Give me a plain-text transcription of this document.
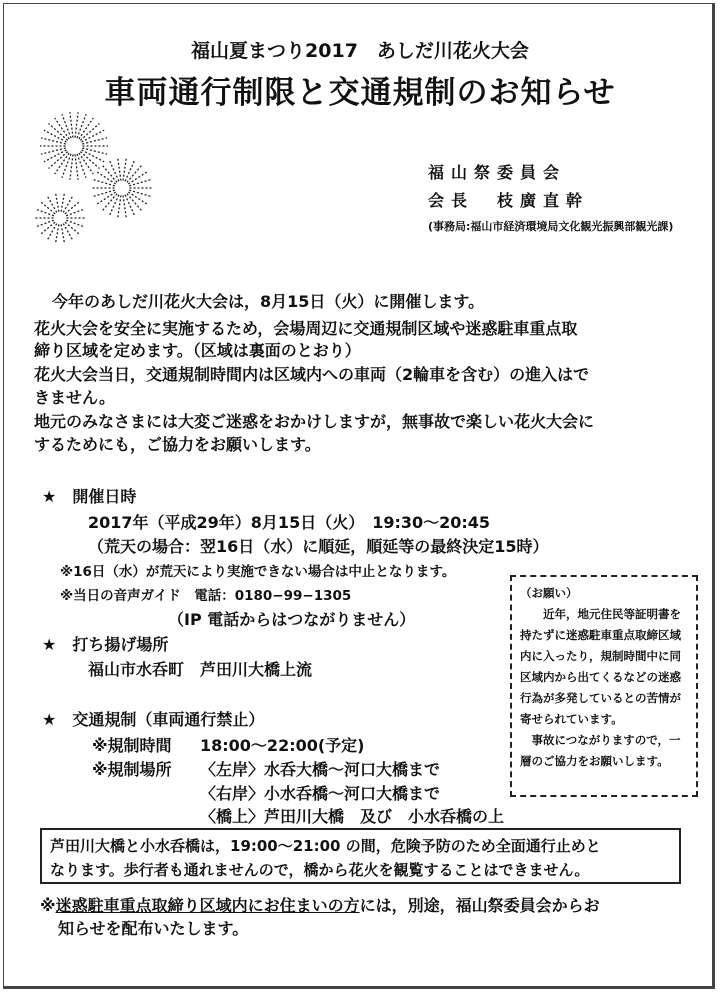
福山夏まつり2017　あしだ川花火大会
車両通行制限と交通規制のお知らせ
福山祭委員会
会長　枝廣直幹
(事務局:福山市経済環境局文化観光振興部観光課)
今年のあしだ川花火大会は，8月15日（火）に開催します。
花火大会を安全に実施するため，会場周辺に交通規制区域や迷惑駐車重点取
締り区域を定めます。（区域は裏面のとおり）
花火大会当日，交通規制時間内は区域内への車両（2輪車を含む）の進入はで
きません。
地元のみなさまには大変ご迷惑をおかけしますが，無事故で楽しい花火大会に
するためにも，ご協力をお願いします。
★　開催日時
2017年（平成29年）8月15日（火）　19:30〜20:45
（荒天の場合：翌16日（水）に順延，順延等の最終決定15時）
※16日（水）が荒天により実施できない場合は中止となります。
※当日の音声ガイド　電話：0180−99−1305
（IP 電話からはつながりません）
★　打ち揚げ場所
福山市水呑町　芦田川大橋上流
★　交通規制（車両通行禁止）
※規制時間 18:00〜22:00(予定)
※規制場所 〈左岸〉水呑大橋〜河口大橋まで
〈右岸〉小水呑橋〜河口大橋まで
〈橋上〉芦田川大橋　及び　小水呑橋の上

（お願い）

近年，地元住民等証明書を持たずに迷惑駐車重点取締区域内に入ったり，規制時間中に同区域内から出てくるなどの迷惑行為が多発しているとの苦情が寄せられています。

事故につながりますので，一層のご協力をお願いします。

芦田川大橋と小水呑橋は，19:00〜21:00 の間，危険予防のため全面通行止めと
なります。歩行者も通れませんので，橋から花火を観覧することはできません。
※迷惑駐車重点取締り区域内にお住まいの方には，別途，福山祭委員会からお
知らせを配布いたします。
